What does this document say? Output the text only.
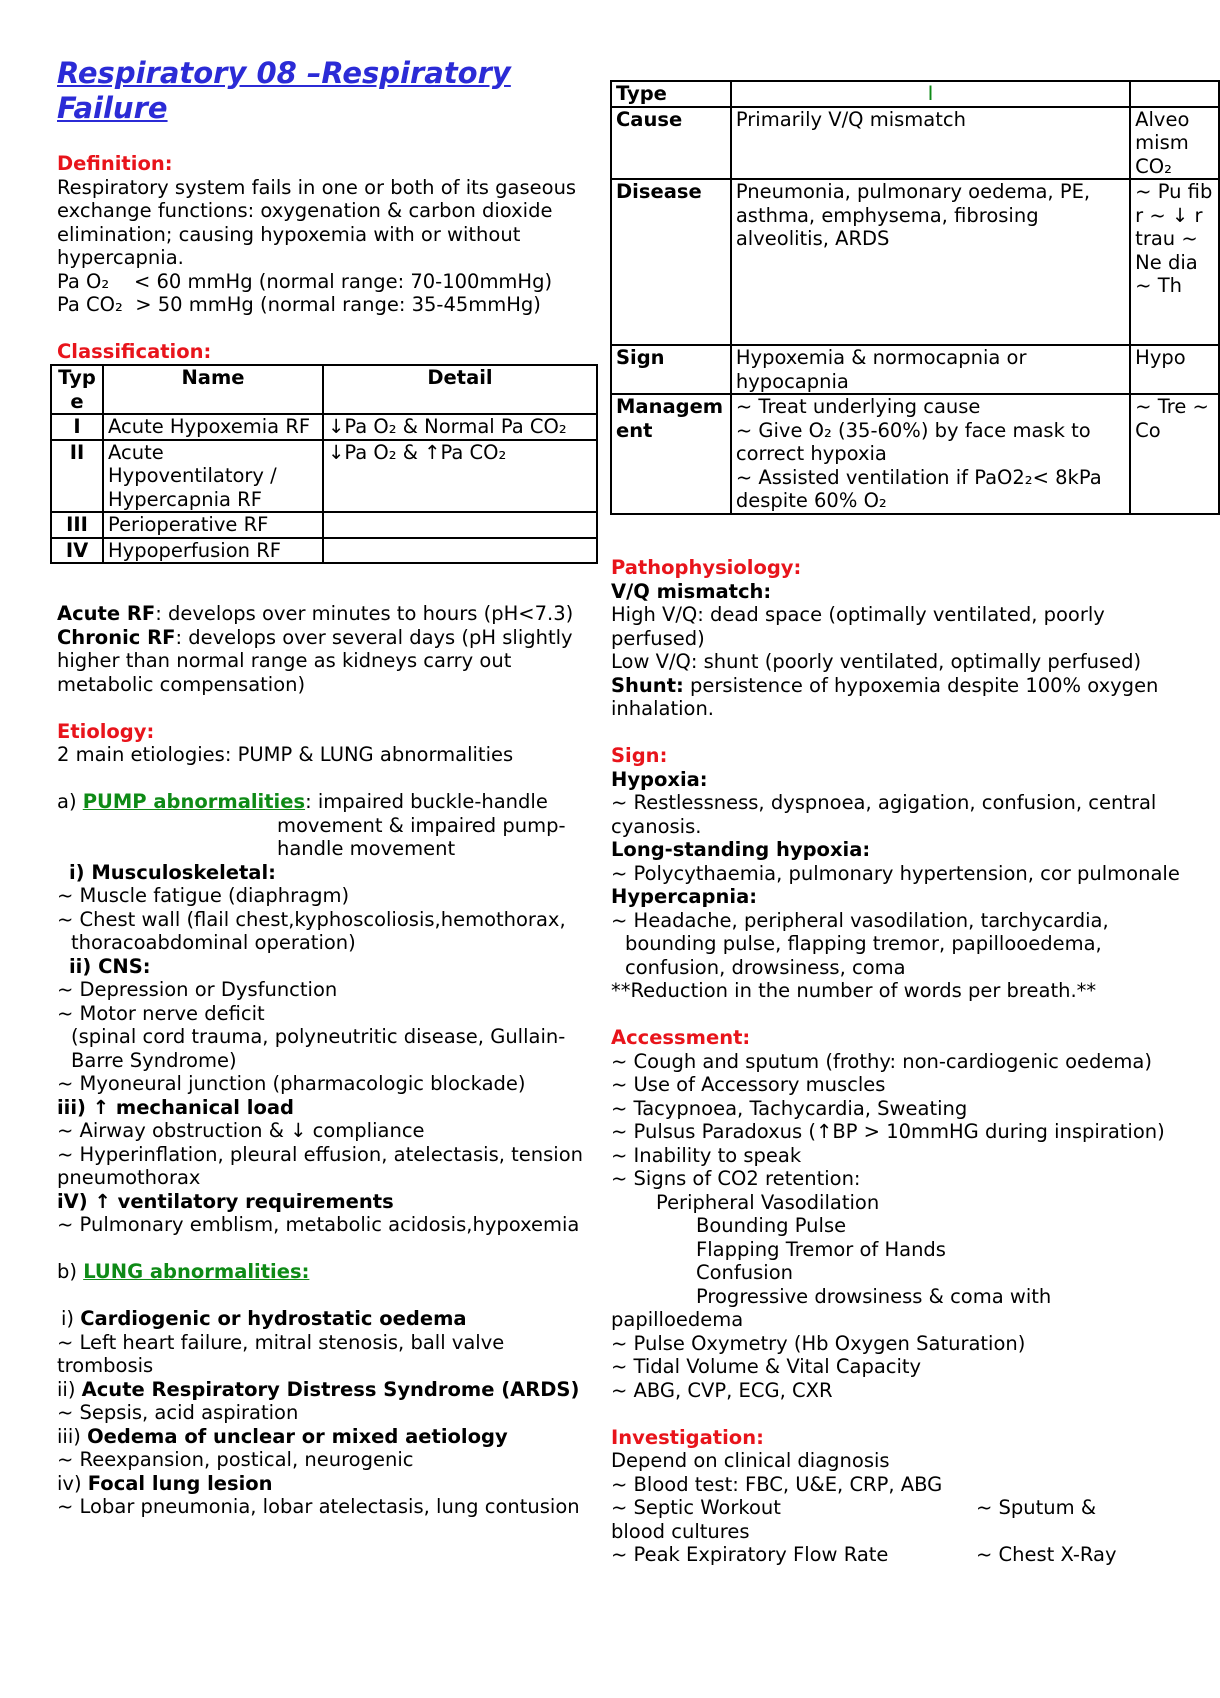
Respiratory 08 –Respiratory Failure

Definition:

Respiratory system fails in one or both of its gaseous exchange functions: oxygenation & carbon dioxide elimination; causing hypoxemia with or without hypercapnia.

Pa O₂    < 60 mmHg (normal range: 70-100mmHg)

Pa CO₂  > 50 mmHg (normal range: 35-45mmHg)

Classification:

Typ e	Name	Detail
I	Acute Hypoxemia RF	↓Pa O₂ & Normal Pa CO₂
II	Acute Hypoventilatory / Hypercapnia RF	↓Pa O₂ & ↑Pa CO₂
III	Perioperative RF	
IV	Hypoperfusion RF	

Acute RF: develops over minutes to hours (pH<7.3)

Chronic RF: develops over several days (pH slightly higher than normal range as kidneys carry out metabolic compensation)

Etiology:

2 main etiologies: PUMP & LUNG abnormalities

a) PUMP abnormalities: impaired buckle-handle

movement & impaired pump-

handle movement

i) Musculoskeletal:

~ Muscle fatigue (diaphragm)

~ Chest wall (flail chest,kyphoscoliosis,hemothorax, thoracoabdominal operation)

ii) CNS:

~ Depression or Dysfunction

~ Motor nerve deficit

(spinal cord trauma, polyneutritic disease, Gullain-Barre Syndrome)

~ Myoneural junction (pharmacologic blockade)

iii) ↑ mechanical load

~ Airway obstruction & ↓ compliance

~ Hyperinflation, pleural effusion, atelectasis, tension pneumothorax

iV) ↑ ventilatory requirements

~ Pulmonary emblism, metabolic acidosis,hypoxemia

b) LUNG abnormalities:

i) Cardiogenic or hydrostatic oedema

~ Left heart failure, mitral stenosis, ball valve trombosis

ii) Acute Respiratory Distress Syndrome (ARDS)

~ Sepsis, acid aspiration

iii) Oedema of unclear or mixed aetiology

~ Reexpansion, postical, neurogenic

iv) Focal lung lesion

~ Lobar pneumonia, lobar atelectasis, lung contusion

Type	I	
Cause	Primarily V/Q mismatch	Alveo mism CO₂
Disease	Pneumonia, pulmonary oedema, PE, asthma, emphysema, fibrosing alveolitis, ARDS	~ Pu fibr ~ ↓ r trau ~ Ne dia ~ Th
Sign	Hypoxemia & normocapnia or hypocapnia	Hypo
Managem ent	~ Treat underlying cause
~ Give O₂ (35-60%) by face mask to correct hypoxia
~ Assisted ventilation if PaO2₂< 8kPa despite 60% O₂	~ Tre ~ Co

Pathophysiology:

V/Q mismatch:

High V/Q: dead space (optimally ventilated, poorly perfused)

Low V/Q: shunt (poorly ventilated, optimally perfused)

Shunt: persistence of hypoxemia despite 100% oxygen inhalation.

Sign:

Hypoxia:

~ Restlessness, dyspnoea, agigation, confusion, central cyanosis.

Long-standing hypoxia:

~ Polycythaemia, pulmonary hypertension, cor pulmonale

Hypercapnia:

~ Headache, peripheral vasodilation, tarchycardia, bounding pulse, flapping tremor, papillooedema, confusion, drowsiness, coma

**Reduction in the number of words per breath.**

Accessment:

~ Cough and sputum (frothy: non-cardiogenic oedema)

~ Use of Accessory muscles

~ Tacypnoea, Tachycardia, Sweating

~ Pulsus Paradoxus (↑BP > 10mmHG during inspiration)

~ Inability to speak

~ Signs of CO2 retention:

Peripheral Vasodilation

Bounding Pulse

Flapping Tremor of Hands

Confusion

Progressive drowsiness & coma with

papilloedema

~ Pulse Oxymetry (Hb Oxygen Saturation)

~ Tidal Volume & Vital Capacity

~ ABG, CVP, ECG, CXR

Investigation:

Depend on clinical diagnosis

~ Blood test: FBC, U&E, CRP, ABG

~ Septic Workout	~ Sputum &

blood cultures

~ Peak Expiratory Flow Rate	~ Chest X-Ray
